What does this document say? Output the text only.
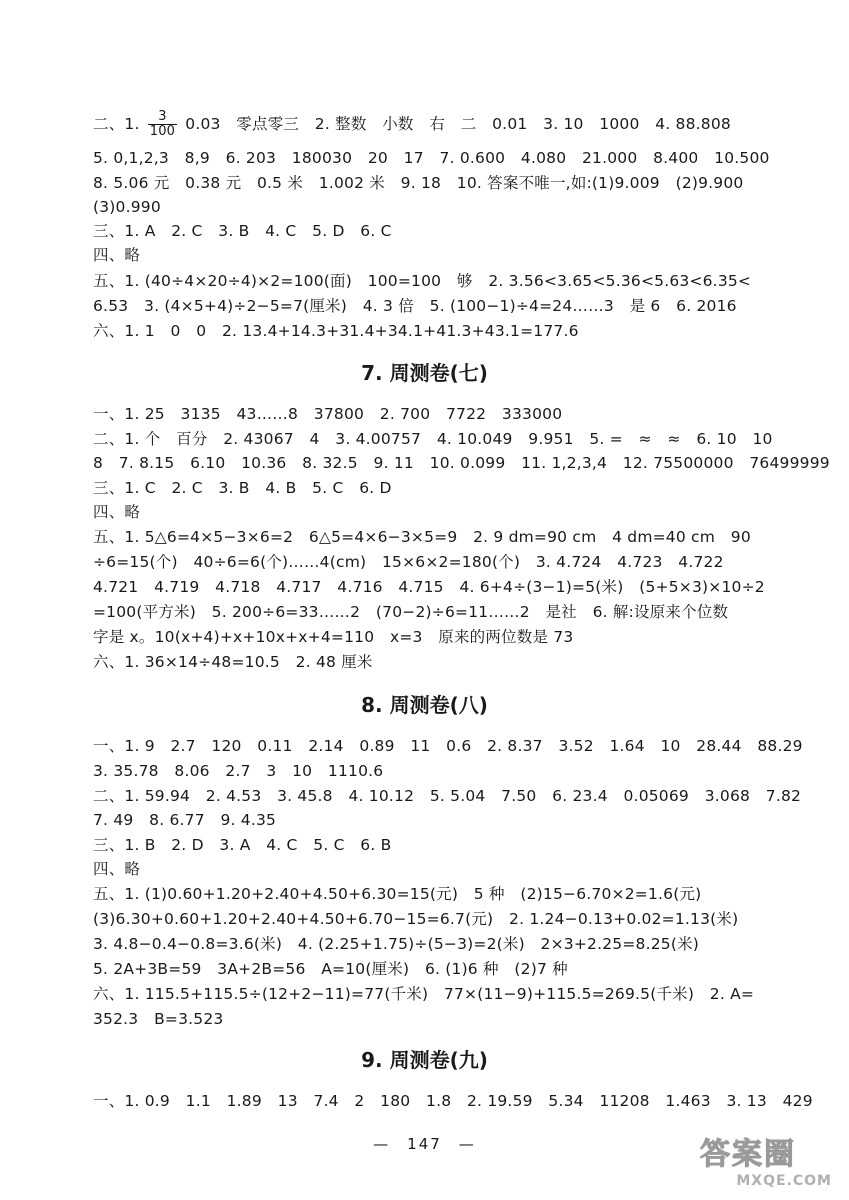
二、1. $\frac{3}{100} 0.03$　零点零三　2. 整数　小数　右　二　0.01　3. 10　1000　4. 88.808
5. 0,1,2,3　8,9　6. 203　180030　20　17　7. 0.600　4.080　21.000　8.400　10.500
8. 5.06 元　0.38 元　0.5 米　1.002 米　9. 18　10. 答案不唯一,如:(1)9.009　(2)9.900
(3)0.990
三、1. A　2. C　3. B　4. C　5. D　6. C
四、略
五、1. (40÷4×20÷4)×2=100(面)　100=100　够　2. 3.56<3.65<5.36<5.63<6.35<
6.53　3. (4×5+4)÷2−5=7(厘米)　4. 3 倍　5. (100−1)÷4=24……3　是 6　6. 2016
六、1. 1　0　0　2. 13.4+14.3+31.4+34.1+41.3+43.1=177.6
7. 周测卷(七)
一、1. 25　3135　43……8　37800　2. 700　7722　333000
二、1. 个　百分　2. 43067　4　3. 4.00757　4. 10.049　9.951　5. =　≈　≈　6. 10　10
8　7. 8.15　6.10　10.36　8. 32.5　9. 11　10. 0.099　11. 1,2,3,4　12. 75500000　76499999
三、1. C　2. C　3. B　4. B　5. C　6. D
四、略
五、1. 5△6=4×5−3×6=2　6△5=4×6−3×5=9　2. 9 dm=90 cm　4 dm=40 cm　90
÷6=15(个)　40÷6=6(个)……4(cm)　15×6×2=180(个)　3. 4.724　4.723　4.722
4.721　4.719　4.718　4.717　4.716　4.715　4. 6+4÷(3−1)=5(米)　(5+5×3)×10÷2
=100(平方米)　5. 200÷6=33……2　(70−2)÷6=11……2　是社　6. 解:设原来个位数
字是 x。10(x+4)+x+10x+x+4=110　x=3　原来的两位数是 73
六、1. 36×14÷48=10.5　2. 48 厘米
8. 周测卷(八)
一、1. 9　2.7　120　0.11　2.14　0.89　11　0.6　2. 8.37　3.52　1.64　10　28.44　88.29
3. 35.78　8.06　2.7　3　10　1110.6
二、1. 59.94　2. 4.53　3. 45.8　4. 10.12　5. 5.04　7.50　6. 23.4　0.05069　3.068　7.82
7. 49　8. 6.77　9. 4.35
三、1. B　2. D　3. A　4. C　5. C　6. B
四、略
五、1. (1)0.60+1.20+2.40+4.50+6.30=15(元)　5 种　(2)15−6.70×2=1.6(元)
(3)6.30+0.60+1.20+2.40+4.50+6.70−15=6.7(元)　2. 1.24−0.13+0.02=1.13(米)
3. 4.8−0.4−0.8=3.6(米)　4. (2.25+1.75)÷(5−3)=2(米)　2×3+2.25=8.25(米)
5. 2A+3B=59　3A+2B=56　A=10(厘米)　6. (1)6 种　(2)7 种
六、1. 115.5+115.5÷(12+2−11)=77(千米)　77×(11−9)+115.5=269.5(千米)　2. A=
352.3　B=3.523
9. 周测卷(九)
一、1. 0.9　1.1　1.89　13　7.4　2　180　1.8　2. 19.59　5.34　11208　1.463　3. 13　429
—　147　—	答案圈
MXQE.COM
